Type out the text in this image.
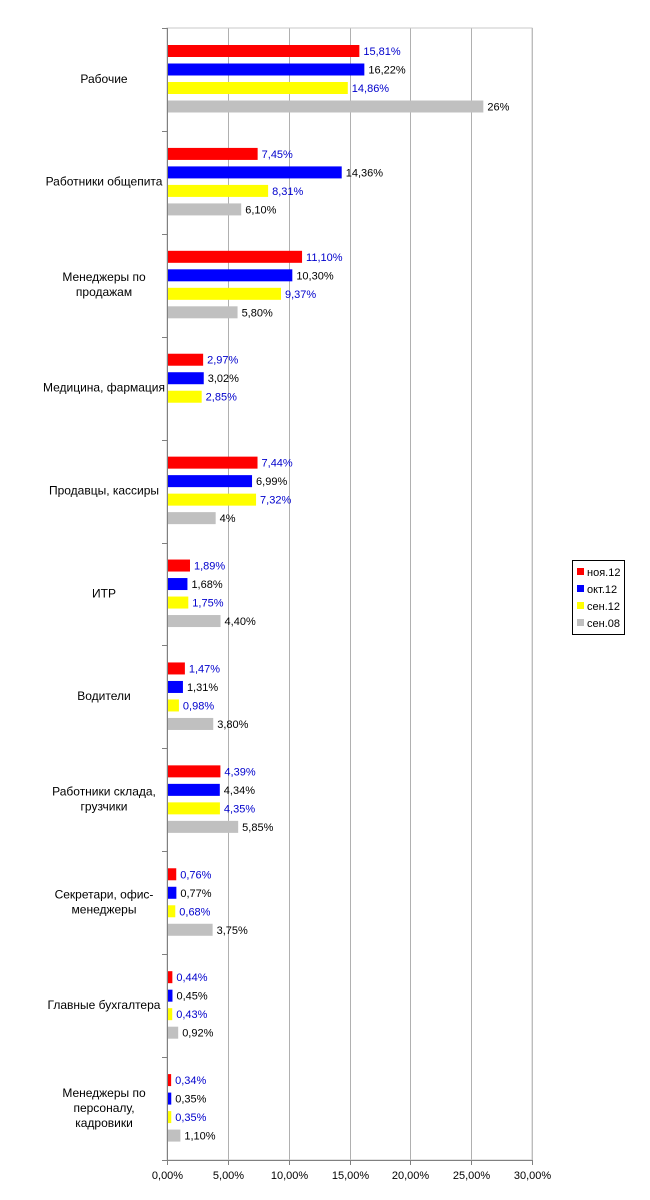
15,81%
16,22%
14,86%
26%
7,45%
14,36%
8,31%
6,10%
11,10%
10,30%
9,37%
5,80%
2,97%
3,02%
2,85%
7,44%
6,99%
7,32%
4%
1,89%
1,68%
1,75%
4,40%
1,47%
1,31%
0,98%
3,80%
4,39%
4,34%
4,35%
5,85%
0,76%
0,77%
0,68%
3,75%
0,44%
0,45%
0,43%
0,92%
0,34%
0,35%
0,35%
1,10%
Рабочие
Работники общепита
Менеджеры по продажам
Медицина, фармация
Продавцы, кассиры
ИТР
Водители
Работники склада, грузчики
Секретари, офис-менеджеры
Главные бухгалтера
Менеджеры по персоналу, кадровики
0,00%	5,00% 10,00% 15,00% 20,00% 25,00% 30,00%
ноя.12
окт.12
сен.12
сен.08
